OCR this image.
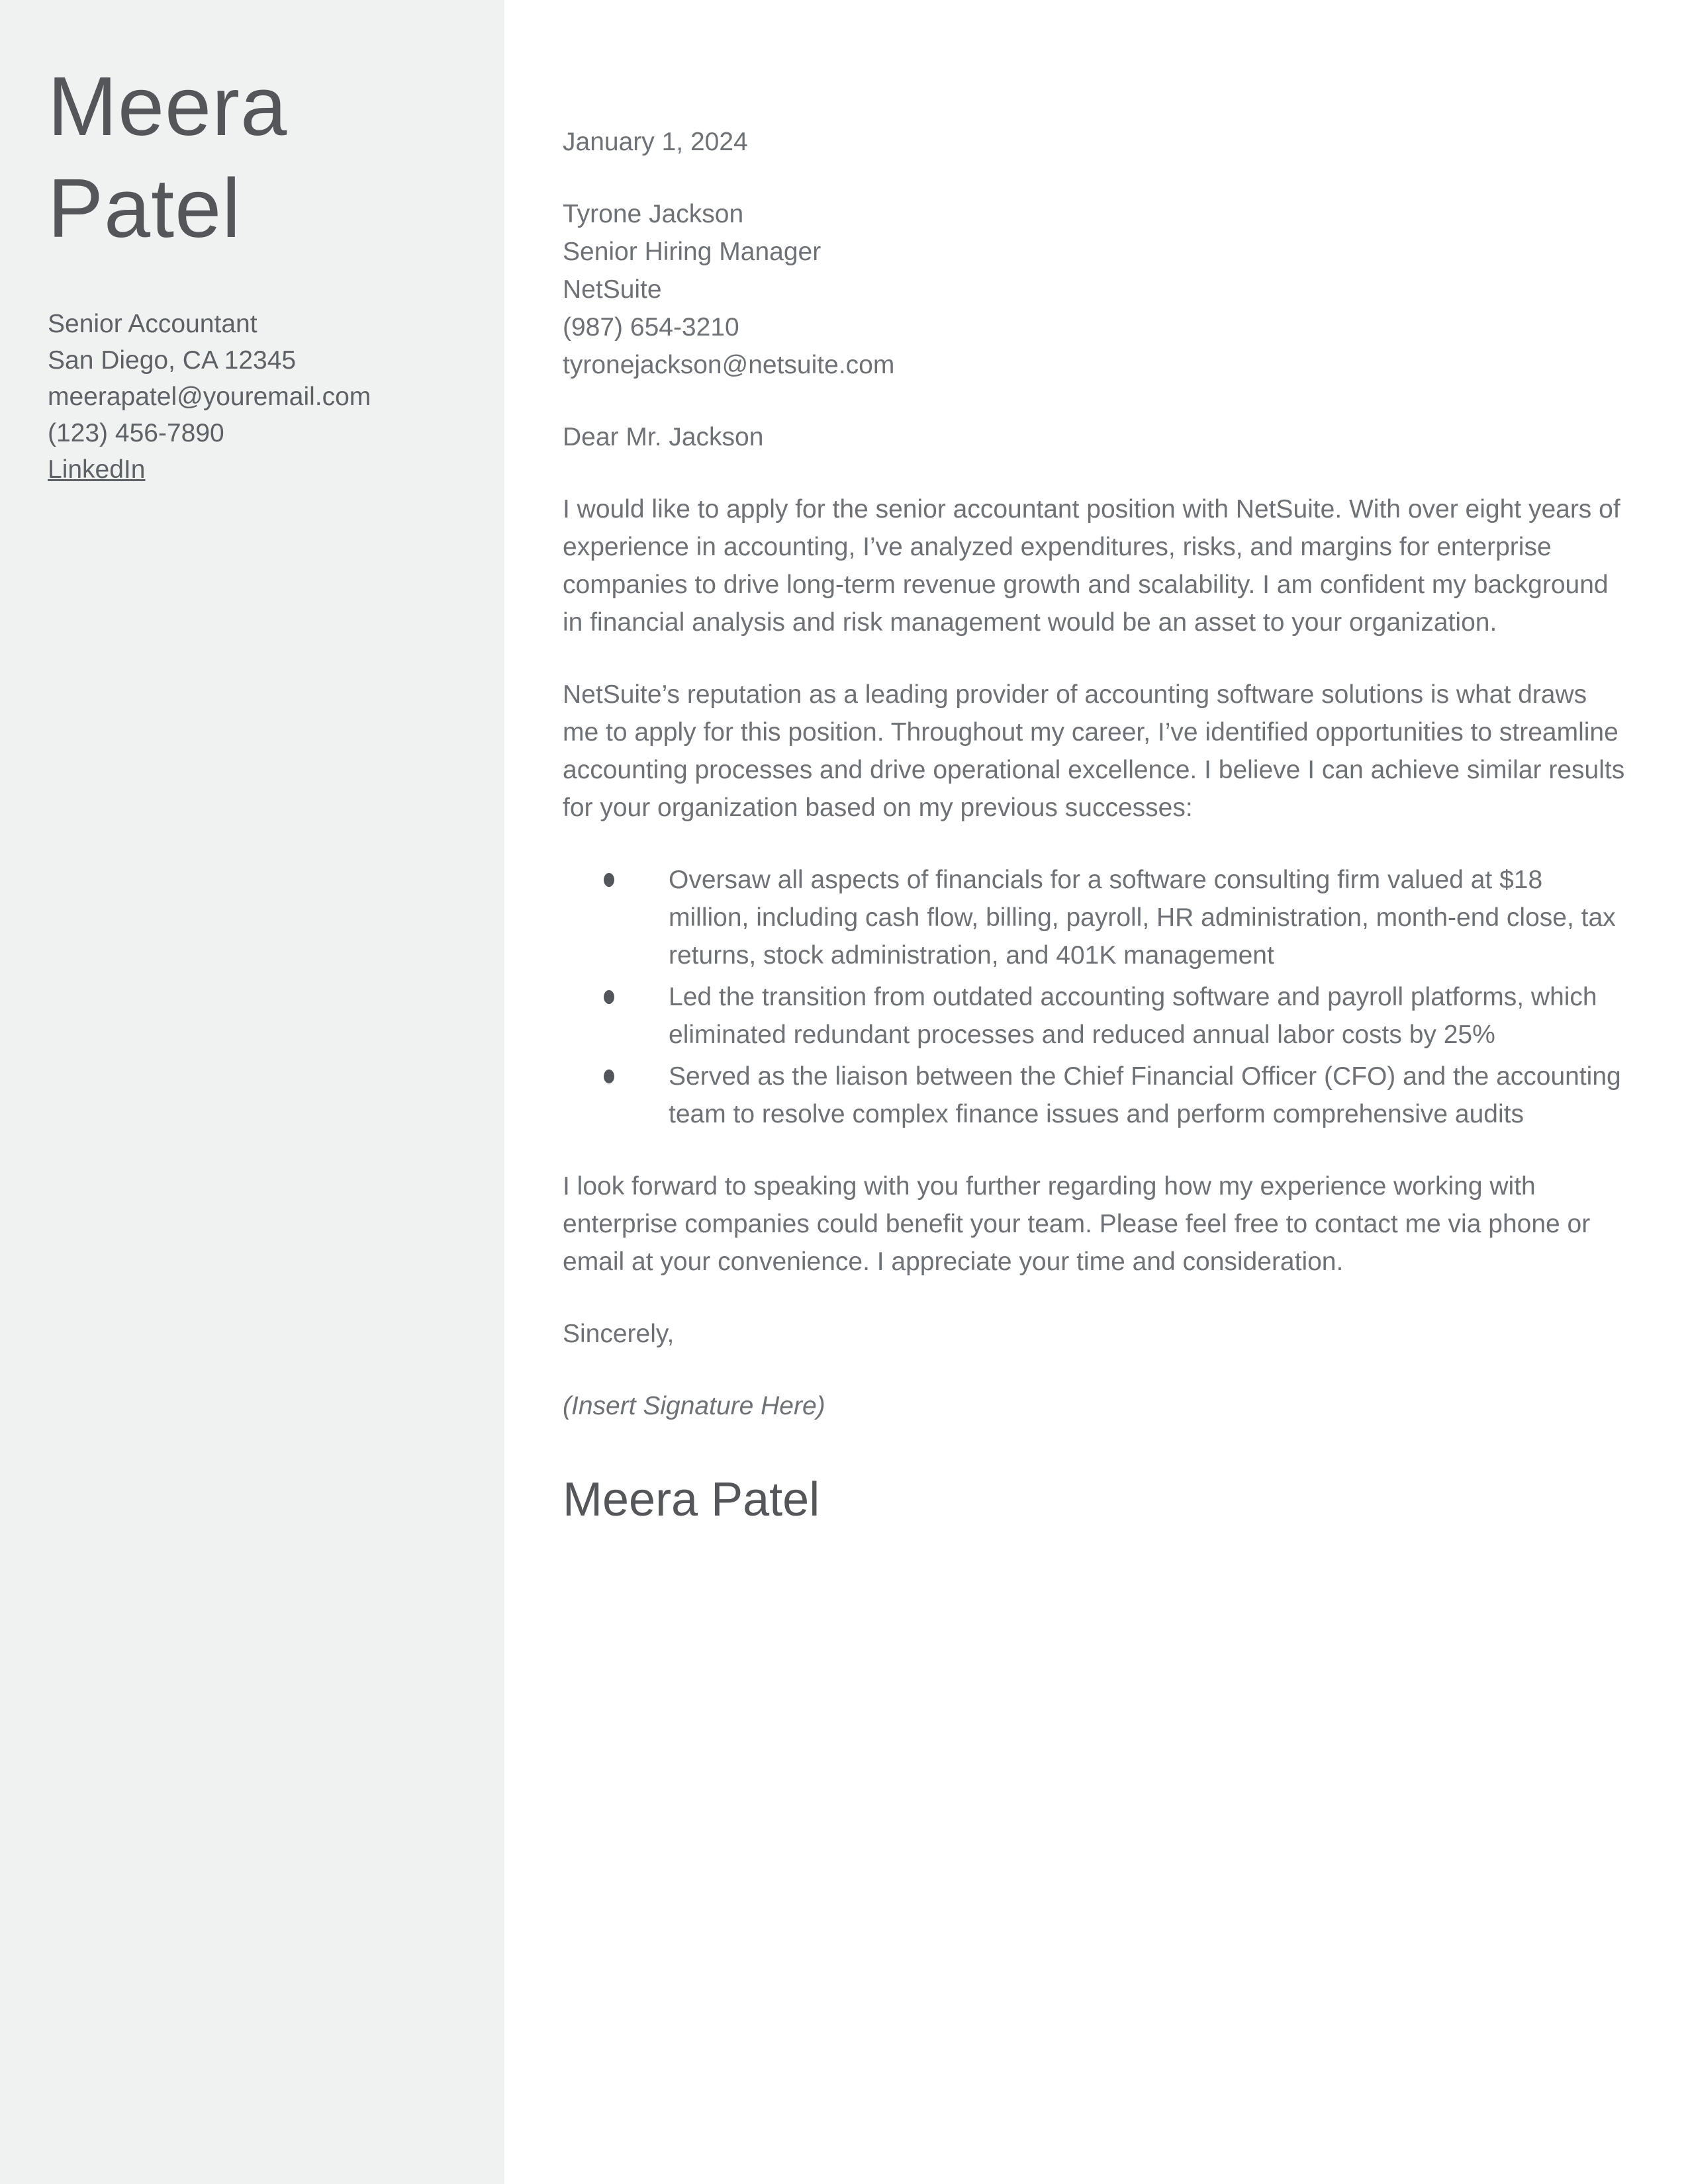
Meera
Patel
Senior Accountant
San Diego, CA 12345
meerapatel@youremail.com
(123) 456-7890
LinkedIn

January 1, 2024

Tyrone Jackson
Senior Hiring Manager
NetSuite
(987) 654-3210
tyronejackson@netsuite.com

Dear Mr. Jackson

I would like to apply for the senior accountant position with NetSuite. With over eight years of experience in accounting, I’ve analyzed expenditures, risks, and margins for enterprise companies to drive long-term revenue growth and scalability. I am confident my background in financial analysis and risk management would be an asset to your organization.

NetSuite’s reputation as a leading provider of accounting software solutions is what draws me to apply for this position. Throughout my career, I’ve identified opportunities to streamline accounting processes and drive operational excellence. I believe I can achieve similar results for your organization based on my previous successes:

Oversaw all aspects of financials for a software consulting firm valued at $18 million, including cash flow, billing, payroll, HR administration, month-end close, tax returns, stock administration, and 401K management
Led the transition from outdated accounting software and payroll platforms, which eliminated redundant processes and reduced annual labor costs by 25%
Served as the liaison between the Chief Financial Officer (CFO) and the accounting team to resolve complex finance issues and perform comprehensive audits

I look forward to speaking with you further regarding how my experience working with enterprise companies could benefit your team. Please feel free to contact me via phone or email at your convenience. I appreciate your time and consideration.

Sincerely,

(Insert Signature Here)

Meera Patel
